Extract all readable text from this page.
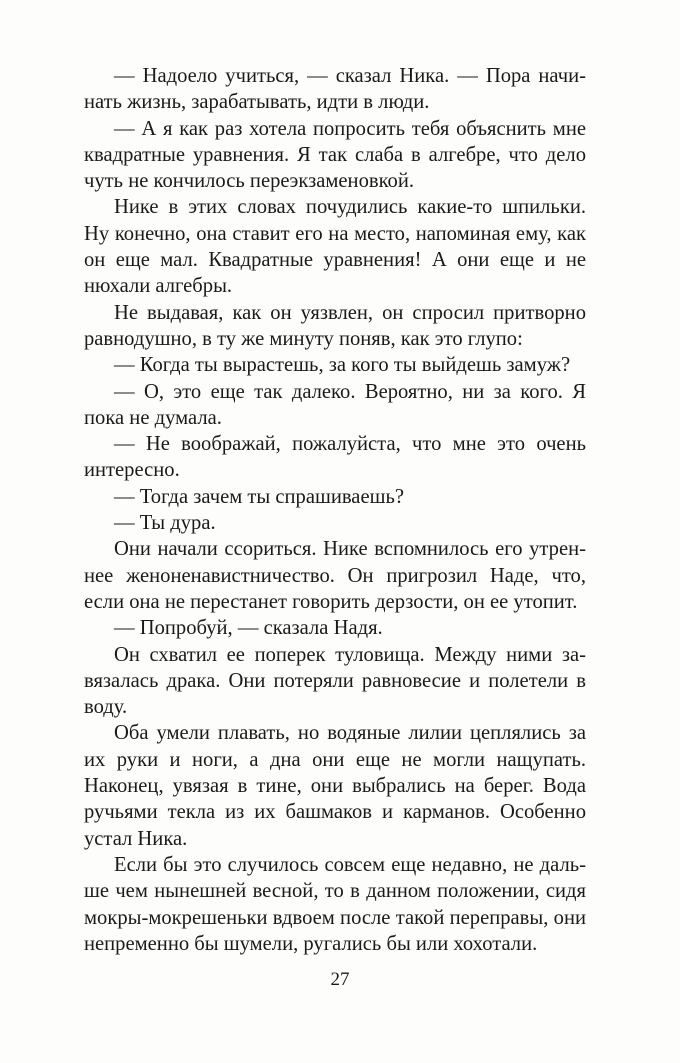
— Надоело учиться, — сказал Ника. — Пора начинать жизнь, зарабатывать, идти в люди.

— А я как раз хотела попросить тебя объяснить мне квадратные уравнения. Я так слаба в алгебре, что дело чуть не кончилось переэкзаменовкой.

Нике в этих словах почудились какие-то шпильки. Ну конечно, она ставит его на место, напоминая ему, как он еще мал. Квадратные уравнения! А они еще и не нюхали алгебры.

Не выдавая, как он уязвлен, он спросил притворно равнодушно, в ту же минуту поняв, как это глупо:

— Когда ты вырастешь, за кого ты выйдешь замуж?

— О, это еще так далеко. Вероятно, ни за кого. Я пока не думала.

— Не воображай, пожалуйста, что мне это очень интересно.

— Тогда зачем ты спрашиваешь?

— Ты дура.

Они начали ссориться. Нике вспомнилось его утреннее женоненавистничество. Он пригрозил Наде, что, если она не перестанет говорить дерзости, он ее утопит.

— Попробуй, — сказала Надя.

Он схватил ее поперек туловища. Между ними завязалась драка. Они потеряли равновесие и полетели в воду.

Оба умели плавать, но водяные лилии цеплялись за их руки и ноги, а дна они еще не могли нащупать. Наконец, увязая в тине, они выбрались на берег. Вода ручьями текла из их башмаков и карманов. Особенно устал Ника.

Если бы это случилось совсем еще недавно, не дальше чем нынешней весной, то в данном положении, сидя мокры-мокрешеньки вдвоем после такой переправы, они непременно бы шумели, ругались бы или хохотали.

27
